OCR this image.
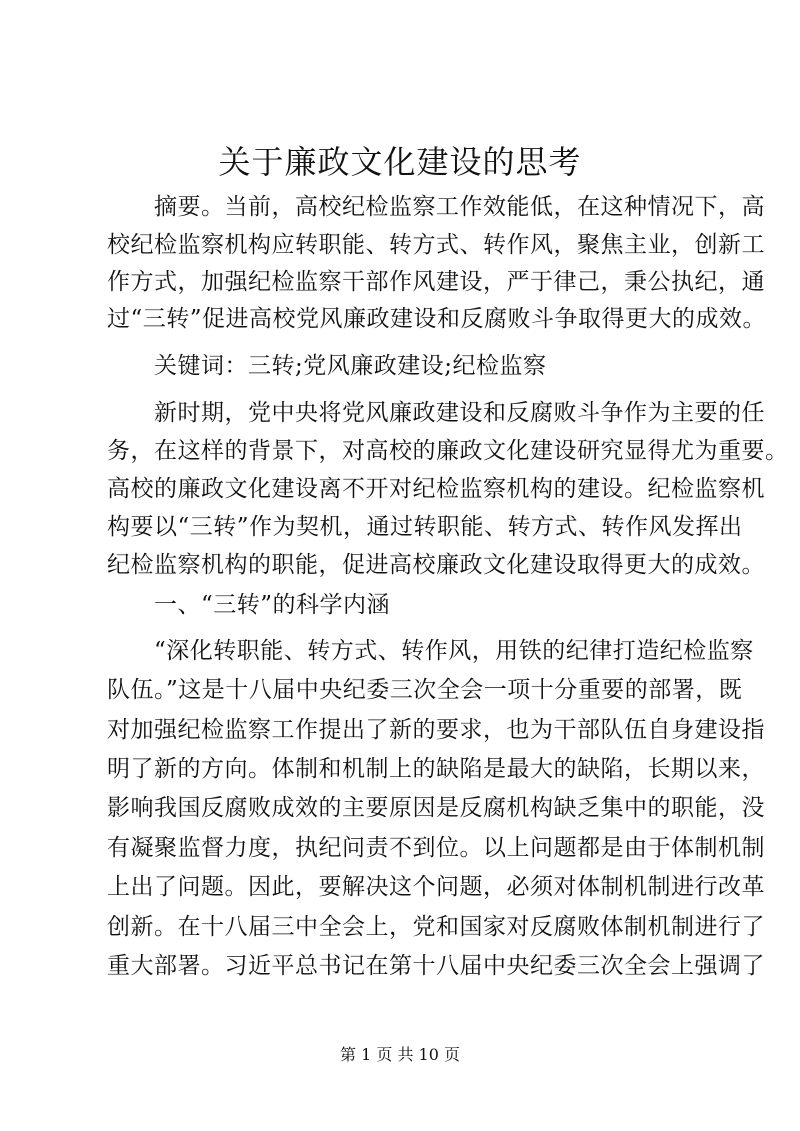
关于廉政文化建设的思考
摘要。当前，高校纪检监察工作效能低，在这种情况下，高
校纪检监察机构应转职能、转方式、转作风，聚焦主业，创新工
作方式，加强纪检监察干部作风建设，严于律己，秉公执纪，通
过“三转”促进高校党风廉政建设和反腐败斗争取得更大的成效。
关键词：三转;党风廉政建设;纪检监察
新时期，党中央将党风廉政建设和反腐败斗争作为主要的任
务，在这样的背景下，对高校的廉政文化建设研究显得尤为重要。
高校的廉政文化建设离不开对纪检监察机构的建设。纪检监察机
构要以“三转”作为契机，通过转职能、转方式、转作风发挥出
纪检监察机构的职能，促进高校廉政文化建设取得更大的成效。
一、“三转”的科学内涵
“深化转职能、转方式、转作风，用铁的纪律打造纪检监察
队伍。”这是十八届中央纪委三次全会一项十分重要的部署，既
对加强纪检监察工作提出了新的要求，也为干部队伍自身建设指
明了新的方向。体制和机制上的缺陷是最大的缺陷，长期以来，
影响我国反腐败成效的主要原因是反腐机构缺乏集中的职能，没
有凝聚监督力度，执纪问责不到位。以上问题都是由于体制机制
上出了问题。因此，要解决这个问题，必须对体制机制进行改革
创新。在十八届三中全会上，党和国家对反腐败体制机制进行了
重大部署。习近平总书记在第十八届中央纪委三次全会上强调了
第 1 页 共 10 页
